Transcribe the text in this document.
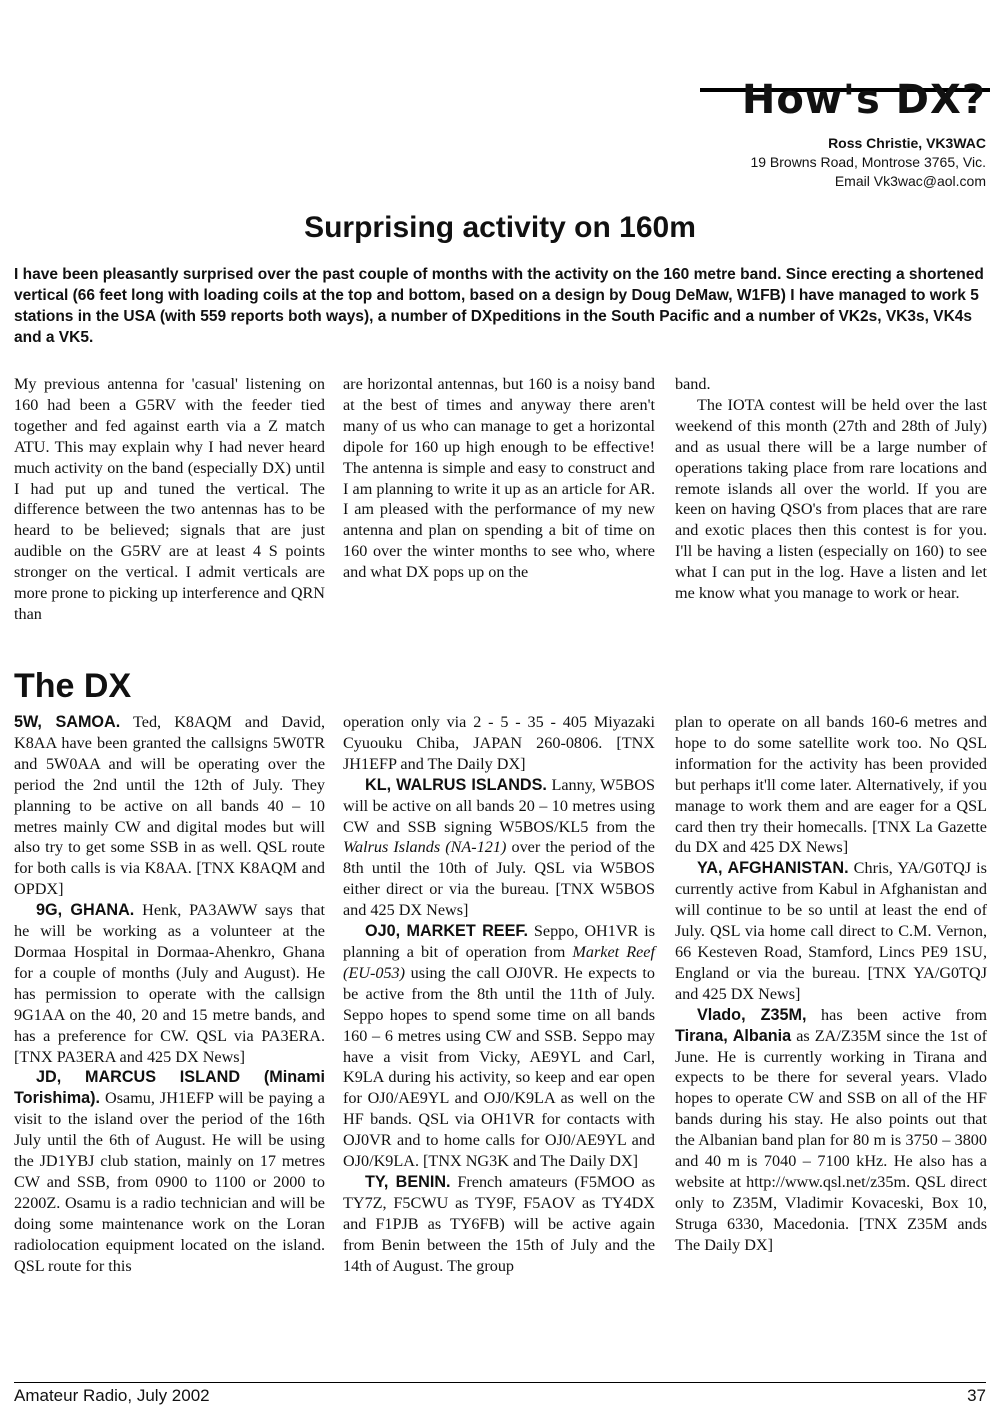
How's DX?
Ross Christie, VK3WAC
19 Browns Road, Montrose 3765, Vic.
Email Vk3wac@aol.com
Surprising activity on 160m
I have been pleasantly surprised over the past couple of months with the activity on the 160 metre band. Since erecting a shortened vertical (66 feet long with loading coils at the top and bottom, based on a design by Doug DeMaw, W1FB) I have managed to work 5 stations in the USA (with 559 reports both ways), a number of DXpeditions in the South Pacific and a number of VK2s, VK3s, VK4s and a VK5.

My previous antenna for 'casual' listening on 160 had been a G5RV with the feeder tied together and fed against earth via a Z match ATU. This may explain why I had never heard much activity on the band (especially DX) until I had put up and tuned the vertical. The difference between the two antennas has to be heard to be believed; signals that are just audible on the G5RV are at least 4 S points stronger on the vertical. I admit verticals are more prone to picking up interference and QRN than

are horizontal antennas, but 160 is a noisy band at the best of times and anyway there aren't many of us who can manage to get a horizontal dipole for 160 up high enough to be effective! The antenna is simple and easy to construct and I am planning to write it up as an article for AR. I am pleased with the performance of my new antenna and plan on spending a bit of time on 160 over the winter months to see who, where and what DX pops up on the

band.

The IOTA contest will be held over the last weekend of this month (27th and 28th of July) and as usual there will be a large number of operations taking place from rare locations and remote islands all over the world. If you are keen on having QSO's from places that are rare and exotic places then this contest is for you. I'll be having a listen (especially on 160) to see what I can put in the log. Have a listen and let me know what you manage to work or hear.

The DX

5W, SAMOA. Ted, K8AQM and David, K8AA have been granted the callsigns 5W0TR and 5W0AA and will be operating over the period the 2nd until the 12th of July. They planning to be active on all bands 40 – 10 metres mainly CW and digital modes but will also try to get some SSB in as well. QSL route for both calls is via K8AA. [TNX K8AQM and OPDX]

9G, GHANA. Henk, PA3AWW says that he will be working as a volunteer at the Dormaa Hospital in Dormaa-Ahenkro, Ghana for a couple of months (July and August). He has permission to operate with the callsign 9G1AA on the 40, 20 and 15 metre bands, and has a preference for CW. QSL via PA3ERA. [TNX PA3ERA and 425 DX News]

JD, MARCUS ISLAND (Minami Torishima). Osamu, JH1EFP will be paying a visit to the island over the period of the 16th July until the 6th of August. He will be using the JD1YBJ club station, mainly on 17 metres CW and SSB, from 0900 to 1100 or 2000 to 2200Z. Osamu is a radio technician and will be doing some maintenance work on the Loran radiolocation equipment located on the island. QSL route for this

operation only via 2 - 5 - 35 - 405 Miyazaki Cyuouku Chiba, JAPAN 260-0806. [TNX JH1EFP and The Daily DX]

KL, WALRUS ISLANDS. Lanny, W5BOS will be active on all bands 20 – 10 metres using CW and SSB signing W5BOS/KL5 from the Walrus Islands (NA-121) over the period of the 8th until the 10th of July. QSL via W5BOS either direct or via the bureau. [TNX W5BOS and 425 DX News]

OJ0, MARKET REEF. Seppo, OH1VR is planning a bit of operation from Market Reef (EU-053) using the call OJ0VR. He expects to be active from the 8th until the 11th of July. Seppo hopes to spend some time on all bands 160 – 6 metres using CW and SSB. Seppo may have a visit from Vicky, AE9YL and Carl, K9LA during his activity, so keep and ear open for OJ0/AE9YL and OJ0/K9LA as well on the HF bands. QSL via OH1VR for contacts with OJ0VR and to home calls for OJ0/AE9YL and OJ0/K9LA. [TNX NG3K and The Daily DX]

TY, BENIN. French amateurs (F5MOO as TY7Z, F5CWU as TY9F, F5AOV as TY4DX and F1PJB as TY6FB) will be active again from Benin between the 15th of July and the 14th of August. The group

plan to operate on all bands 160-6 metres and hope to do some satellite work too. No QSL information for the activity has been provided but perhaps it'll come later. Alternatively, if you manage to work them and are eager for a QSL card then try their homecalls. [TNX La Gazette du DX and 425 DX News]

YA, AFGHANISTAN. Chris, YA/G0TQJ is currently active from Kabul in Afghanistan and will continue to be so until at least the end of July. QSL via home call direct to C.M. Vernon, 66 Kesteven Road, Stamford, Lincs PE9 1SU, England or via the bureau. [TNX YA/G0TQJ and 425 DX News]

Vlado, Z35M, has been active from Tirana, Albania as ZA/Z35M since the 1st of June. He is currently working in Tirana and expects to be there for several years. Vlado hopes to operate CW and SSB on all of the HF bands during his stay. He also points out that the Albanian band plan for 80 m is 3750 – 3800 and 40 m is 7040 – 7100 kHz. He also has a website at http://www.qsl.net/z35m. QSL direct only to Z35M, Vladimir Kovaceski, Box 10, Struga 6330, Macedonia. [TNX Z35M ands The Daily DX]

Amateur Radio, July 2002	37
